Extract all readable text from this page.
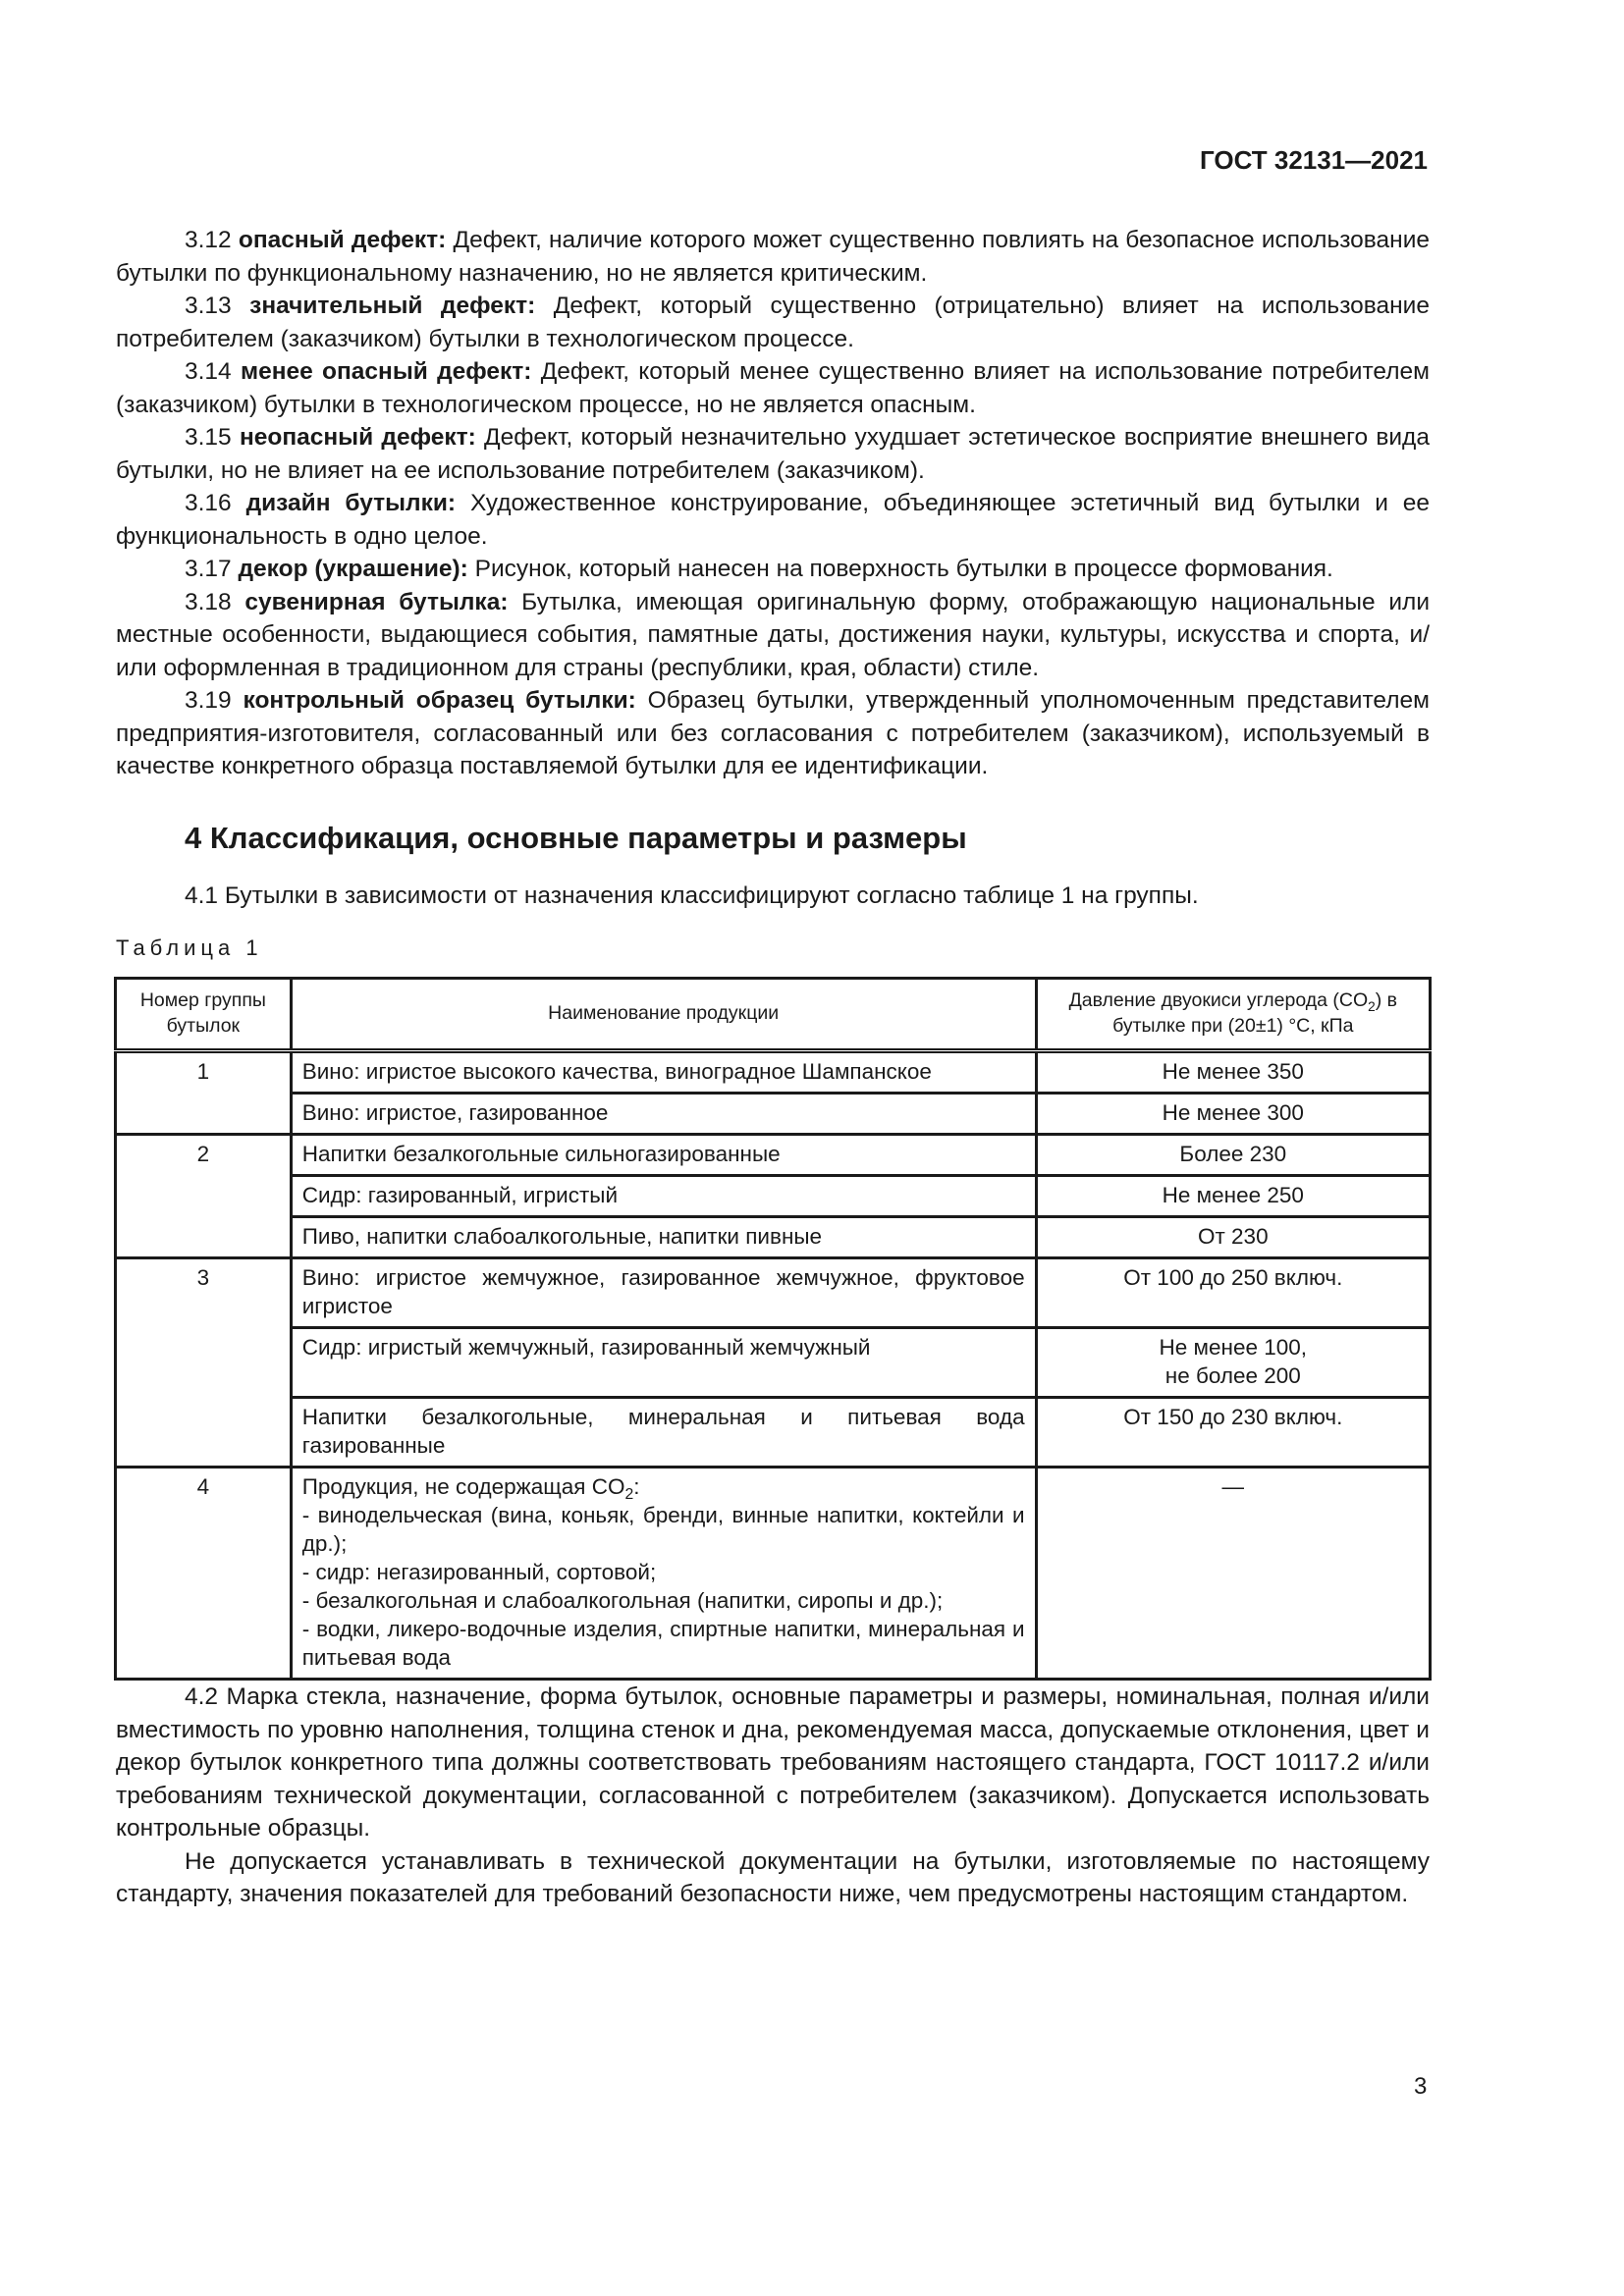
ГОСТ 32131—2021

3.12 опасный дефект: Дефект, наличие которого может существенно повлиять на безопасное использование бутылки по функциональному назначению, но не является критическим.

3.13 значительный дефект: Дефект, который существенно (отрицательно) влияет на использование потребителем (заказчиком) бутылки в технологическом процессе.

3.14 менее опасный дефект: Дефект, который менее существенно влияет на использование потребителем (заказчиком) бутылки в технологическом процессе, но не является опасным.

3.15 неопасный дефект: Дефект, который незначительно ухудшает эстетическое восприятие внешнего вида бутылки, но не влияет на ее использование потребителем (заказчиком).

3.16 дизайн бутылки: Художественное конструирование, объединяющее эстетичный вид бутылки и ее функциональность в одно целое.

3.17 декор (украшение): Рисунок, который нанесен на поверхность бутылки в процессе формования.

3.18 сувенирная бутылка: Бутылка, имеющая оригинальную форму, отображающую национальные или местные особенности, выдающиеся события, памятные даты, достижения науки, культуры, искусства и спорта, и/или оформленная в традиционном для страны (республики, края, области) стиле.

3.19 контрольный образец бутылки: Образец бутылки, утвержденный уполномоченным представителем предприятия-изготовителя, согласованный или без согласования с потребителем (заказчиком), используемый в качестве конкретного образца поставляемой бутылки для ее идентификации.

4 Классификация, основные параметры и размеры

4.1 Бутылки в зависимости от назначения классифицируют согласно таблице 1 на группы.

Таблица 1
Номер группы бутылок	Наименование продукции	Давление двуокиси углерода $(CO_2)$ в бутылке при (20±1) °С, кПа
1	Вино: игристое высокого качества, виноградное Шампанское	Не менее 350
	Вино: игристое, газированное	Не менее 300
2	Напитки безалкогольные сильногазированные	Более 230
	Сидр: газированный, игристый	Не менее 250
	Пиво, напитки слабоалкогольные, напитки пивные	От 230
3	Вино: игристое жемчужное, газированное жемчужное, фруктовое игристое	От 100 до 250 включ.
	Сидр: игристый жемчужный, газированный жемчужный	Не менее 100,
не более 200

	Напитки безалкогольные, минеральная и питьевая вода газированные	От 150 до 230 включ.
4	Продукция, не содержащая $CO_2$:
- винодельческая (вина, коньяк, бренди, винные напитки, коктейли и др.);
- сидр: негазированный, сортовой;
- безалкогольная и слабоалкогольная (напитки, сиропы и др.);
- водки, ликеро-водочные изделия, спиртные напитки, минеральная и питьевая вода	—

4.2 Марка стекла, назначение, форма бутылок, основные параметры и размеры, номинальная, полная и/или вместимость по уровню наполнения, толщина стенок и дна, рекомендуемая масса, допускаемые отклонения, цвет и декор бутылок конкретного типа должны соответствовать требованиям настоящего стандарта, ГОСТ 10117.2 и/или требованиям технической документации, согласованной с потребителем (заказчиком). Допускается использовать контрольные образцы.

Не допускается устанавливать в технической документации на бутылки, изготовляемые по настоящему стандарту, значения показателей для требований безопасности ниже, чем предусмотрены настоящим стандартом.

3
